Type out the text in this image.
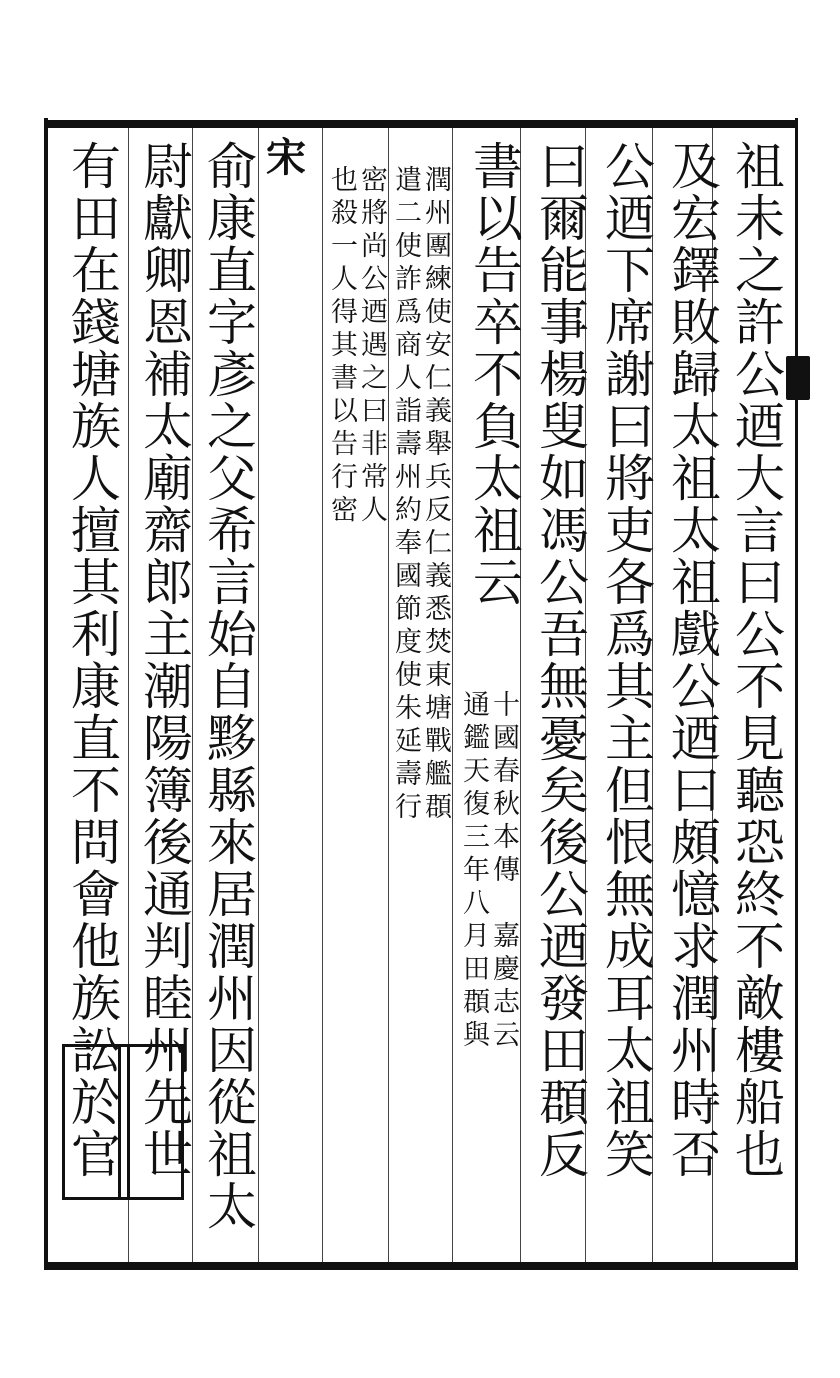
祖未之許公迺大言曰公不見聽恐終不敵樓船也
及宏鐸敗歸太祖太祖戲公迺曰頗憶求潤州時否
公迺下席謝曰將吏各爲其主但恨無成耳太祖笑
曰爾能事楊叟如馮公吾無憂矣後公迺發田頵反
書以告卒不負太祖云
十國春秋本傳　嘉慶志云
通鑑天復三年八月田頵與
潤州團練使安仁義舉兵反仁義悉焚東塘戰艦頵
遣二使詐爲商人詣壽州約奉國節度使朱延壽行
密將尚公迺遇之曰非常人
也殺一人得其書以告行密
宋
俞康直字彥之父希言始自黟縣來居潤州因從祖太
尉獻卿恩補太廟齋郎主潮陽簿後通判睦州先世
有田在錢塘族人擅其利康直不問會他族訟於官
